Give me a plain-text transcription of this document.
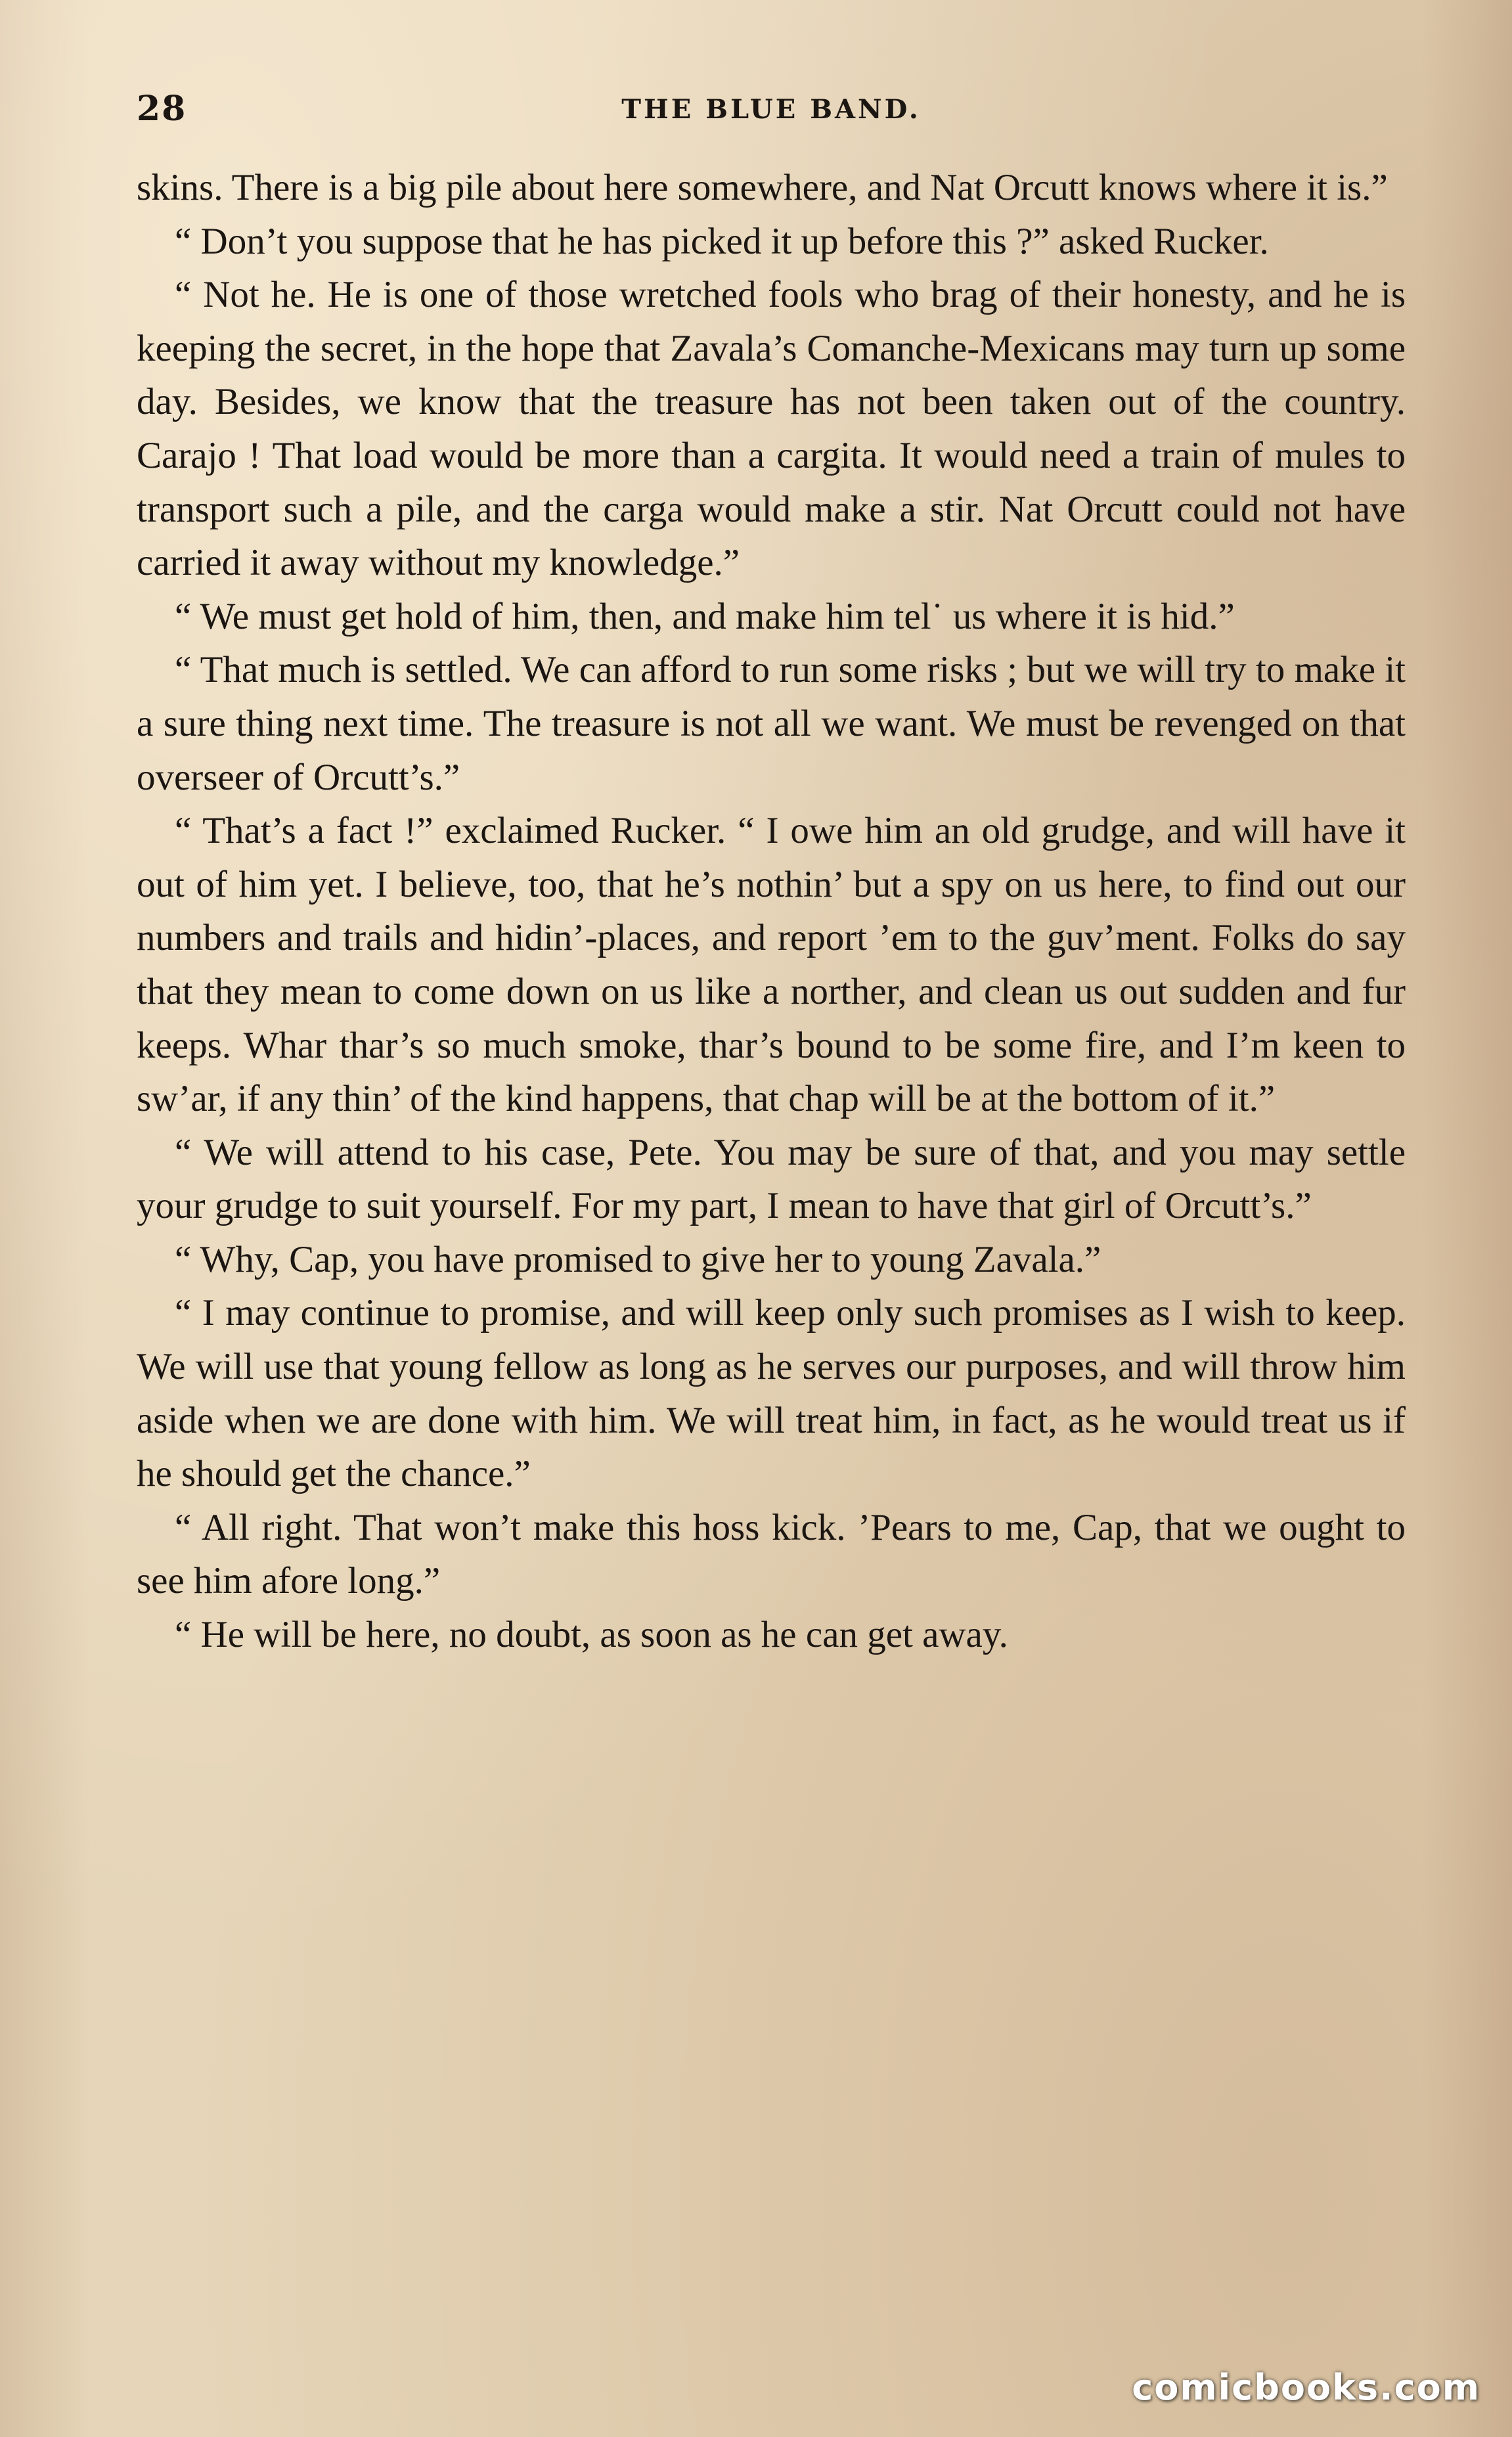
28	THE BLUE BAND.

skins. There is a big pile about here somewhere, and Nat Orcutt knows where it is.”

“ Don’t you suppose that he has picked it up before this ?” asked Rucker.

“ Not he. He is one of those wretched fools who brag of their honesty, and he is keeping the secret, in the hope that Zavala’s Comanche-Mexicans may turn up some day. Besides, we know that the treasure has not been taken out of the country. Carajo ! That load would be more than a cargita. It would need a train of mules to transport such a pile, and the carga would make a stir. Nat Orcutt could not have carried it away without my knowledge.”

“ We must get hold of him, then, and make him tel˙ us where it is hid.”

“ That much is settled. We can afford to run some risks ; but we will try to make it a sure thing next time. The treasure is not all we want. We must be revenged on that overseer of Orcutt’s.”

“ That’s a fact !” exclaimed Rucker. “ I owe him an old grudge, and will have it out of him yet. I believe, too, that he’s nothin’ but a spy on us here, to find out our numbers and trails and hidin’-places, and report ’em to the guv’ment. Folks do say that they mean to come down on us like a norther, and clean us out sudden and fur keeps. Whar thar’s so much smoke, thar’s bound to be some fire, and I’m keen to sw’ar, if any thin’ of the kind happens, that chap will be at the bottom of it.”

“ We will attend to his case, Pete. You may be sure of that, and you may settle your grudge to suit yourself. For my part, I mean to have that girl of Orcutt’s.”

“ Why, Cap, you have promised to give her to young Zavala.”

“ I may continue to promise, and will keep only such promises as I wish to keep. We will use that young fellow as long as he serves our purposes, and will throw him aside when we are done with him. We will treat him, in fact, as he would treat us if he should get the chance.”

“ All right. That won’t make this hoss kick. ’Pears to me, Cap, that we ought to see him afore long.”

“ He will be here, no doubt, as soon as he can get away.

comicbooks.com
